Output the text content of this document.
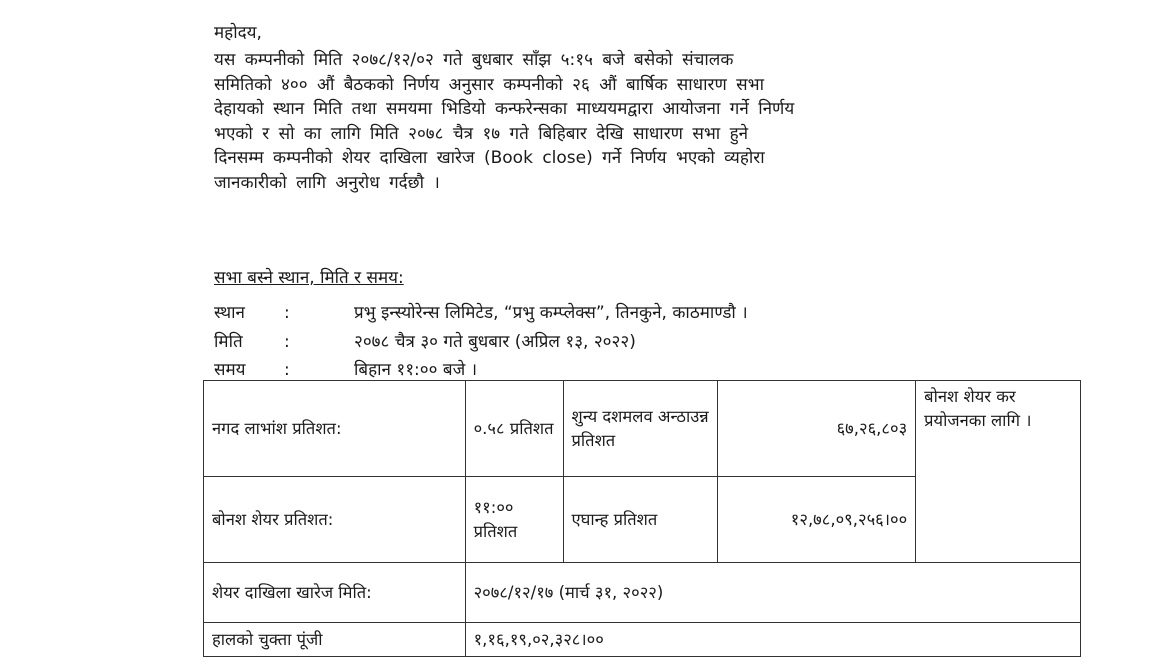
महोदय,
यस कम्पनीको मिति २०७८/१२/०२ गते बुधबार साँझ ५:१५ बजे बसेको संचालक
समितिको ४०० औं बैठकको निर्णय अनुसार कम्पनीको २६ औं बार्षिक साधारण सभा
देहायको स्थान मिति तथा समयमा भिडियो कन्फरेन्सका माध्ययमद्वारा आयोजना गर्ने निर्णय
भएको र सो का लागि मिति २०७८ चैत्र १७ गते बिहिबार देखि साधारण सभा हुने
दिनसम्म कम्पनीको शेयर दाखिला खारेज (Book close) गर्ने निर्णय भएको व्यहोरा
जानकारीको लागि अनुरोध गर्दछौ ।
सभा बस्ने स्थान, मिति र समय:
स्थान :	प्रभु इन्स्योरेन्स लिमिटेड, “प्रभु कम्प्लेक्स”, तिनकुने, काठमाण्डौ ।
मिति :	२०७८ चैत्र ३० गते बुधबार (अप्रिल १३, २०२२)
समय :	बिहान ११:०० बजे ।
नगद लाभांश प्रतिशत:	०.५८ प्रतिशत	शुन्य दशमलव अन्ठाउन्न प्रतिशत	६७,२६,८०३	बोनश शेयर कर प्रयोजनका लागि ।
बोनश शेयर प्रतिशत:	११:०० प्रतिशत	एघान्ह प्रतिशत	१२,७८,०९,२५६।००	
शेयर दाखिला खारेज मिति:	२०७८/१२/१७ (मार्च ३१, २०२२)			
हालको चुक्ता पूंजी	१,१६,१९,०२,३२८।००			
